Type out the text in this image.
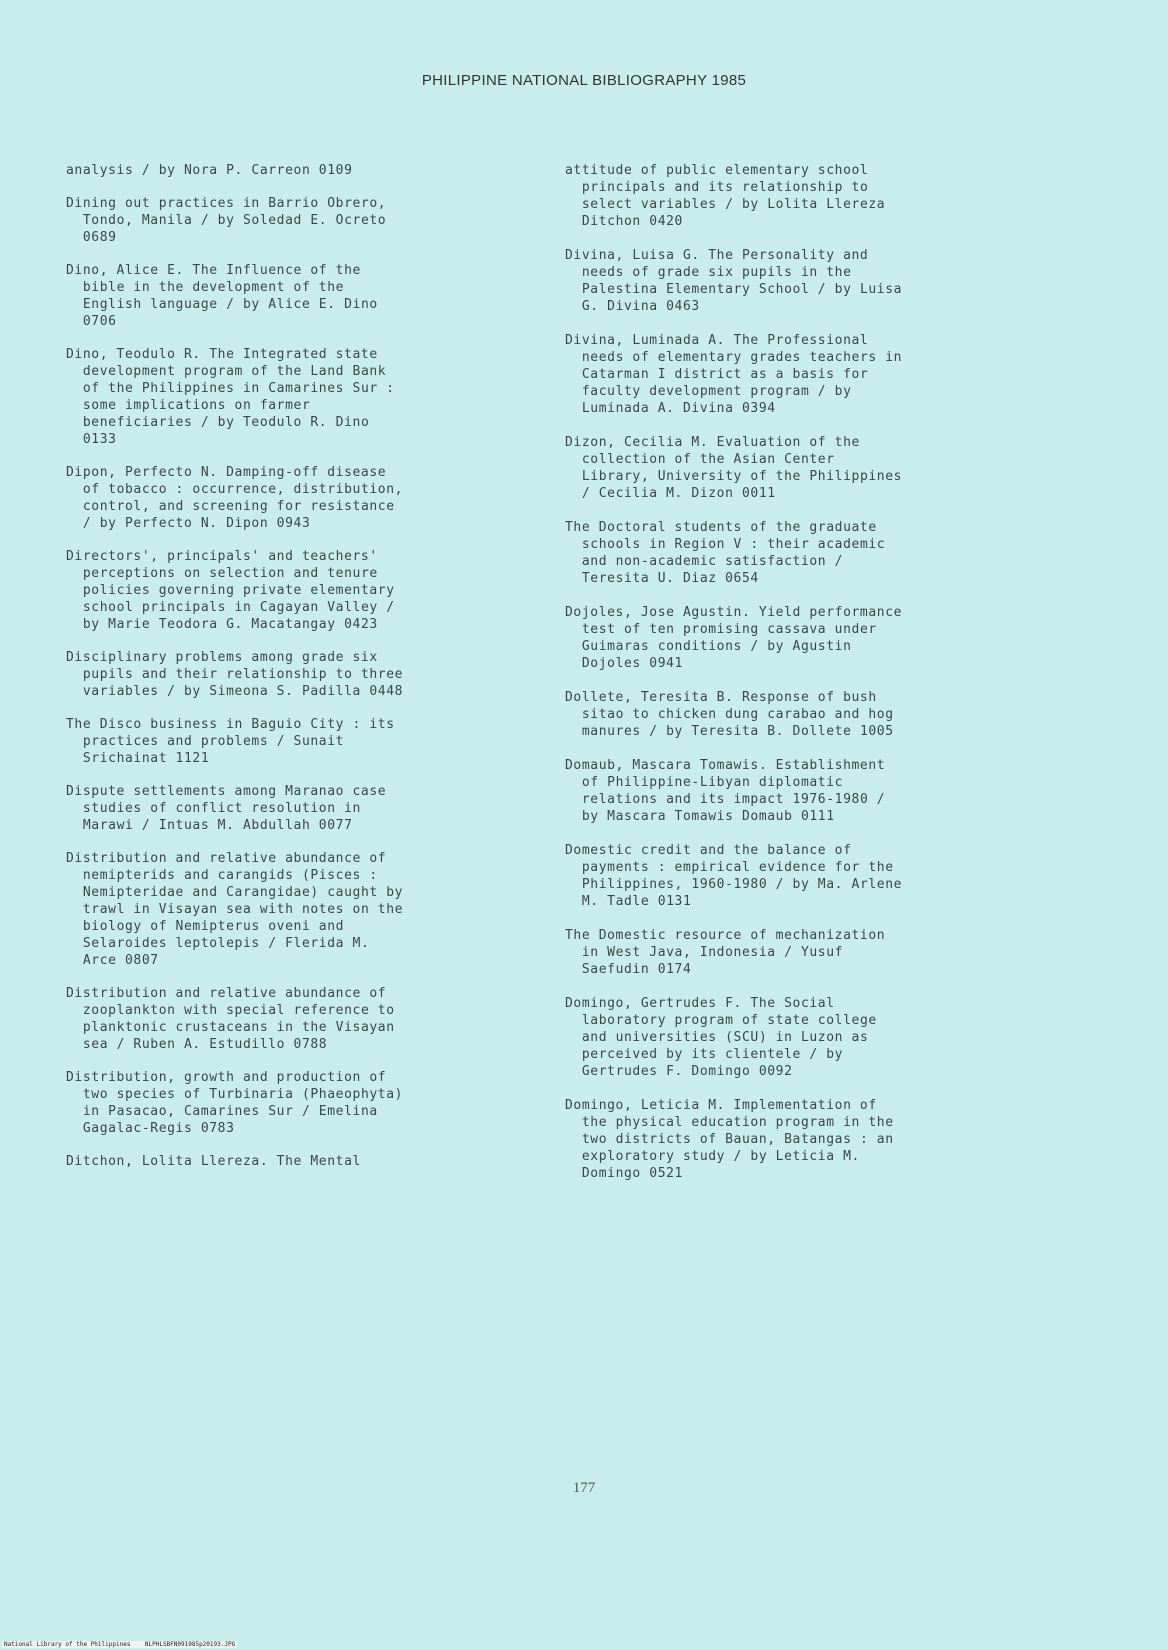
PHILIPPINE NATIONAL BIBLIOGRAPHY 1985

analysis / by Nora P. Carreon 0109

Dining out practices in Barrio Obrero,
Tondo, Manila / by Soledad E. Ocreto
0689

Dino, Alice E. The Influence of the
bible in the development of the
English language / by Alice E. Dino
0706

Dino, Teodulo R. The Integrated state
development program of the Land Bank
of the Philippines in Camarines Sur :
some implications on farmer
beneficiaries / by Teodulo R. Dino
0133

Dipon, Perfecto N. Damping-off disease
of tobacco : occurrence, distribution,
control, and screening for resistance
/ by Perfecto N. Dipon 0943

Directors', principals' and teachers'
perceptions on selection and tenure
policies governing private elementary
school principals in Cagayan Valley /
by Marie Teodora G. Macatangay 0423

Disciplinary problems among grade six
pupils and their relationship to three
variables / by Simeona S. Padilla 0448

The Disco business in Baguio City : its
practices and problems / Sunait
Srichainat 1121

Dispute settlements among Maranao case
studies of conflict resolution in
Marawi / Intuas M. Abdullah 0077

Distribution and relative abundance of
nemipterids and carangids (Pisces :
Nemipteridae and Carangidae) caught by
trawl in Visayan sea with notes on the
biology of Nemipterus oveni and
Selaroides leptolepis / Flerida M.
Arce 0807

Distribution and relative abundance of
zooplankton with special reference to
planktonic crustaceans in the Visayan
sea / Ruben A. Estudillo 0788

Distribution, growth and production of
two species of Turbinaria (Phaeophyta)
in Pasacao, Camarines Sur / Emelina
Gagalac-Regis 0783

Ditchon, Lolita Llereza. The Mental

attitude of public elementary school
principals and its relationship to
select variables / by Lolita Llereza
Ditchon 0420

Divina, Luisa G. The Personality and
needs of grade six pupils in the
Palestina Elementary School / by Luisa
G. Divina 0463

Divina, Luminada A. The Professional
needs of elementary grades teachers in
Catarman I district as a basis for
faculty development program / by
Luminada A. Divina 0394

Dizon, Cecilia M. Evaluation of the
collection of the Asian Center
Library, University of the Philippines
/ Cecilia M. Dizon 0011

The Doctoral students of the graduate
schools in Region V : their academic
and non-academic satisfaction /
Teresita U. Diaz 0654

Dojoles, Jose Agustin. Yield performance
test of ten promising cassava under
Guimaras conditions / by Agustin
Dojoles 0941

Dollete, Teresita B. Response of bush
sitao to chicken dung carabao and hog
manures / by Teresita B. Dollete 1005

Domaub, Mascara Tomawis. Establishment
of Philippine-Libyan diplomatic
relations and its impact 1976-1980 /
by Mascara Tomawis Domaub 0111

Domestic credit and the balance of
payments : empirical evidence for the
Philippines, 1960-1980 / by Ma. Arlene
M. Tadle 0131

The Domestic resource of mechanization
in West Java, Indonesia / Yusuf
Saefudin 0174

Domingo, Gertrudes F. The Social
laboratory program of state college
and universities (SCU) in Luzon as
perceived by its clientele / by
Gertrudes F. Domingo 0092

Domingo, Leticia M. Implementation of
the physical education program in the
two districts of Bauan, Batangas : an
exploratory study / by Leticia M.
Domingo 0521

177
National Library of the Philippines    NLPHLSBFN091985p20193.JPG
